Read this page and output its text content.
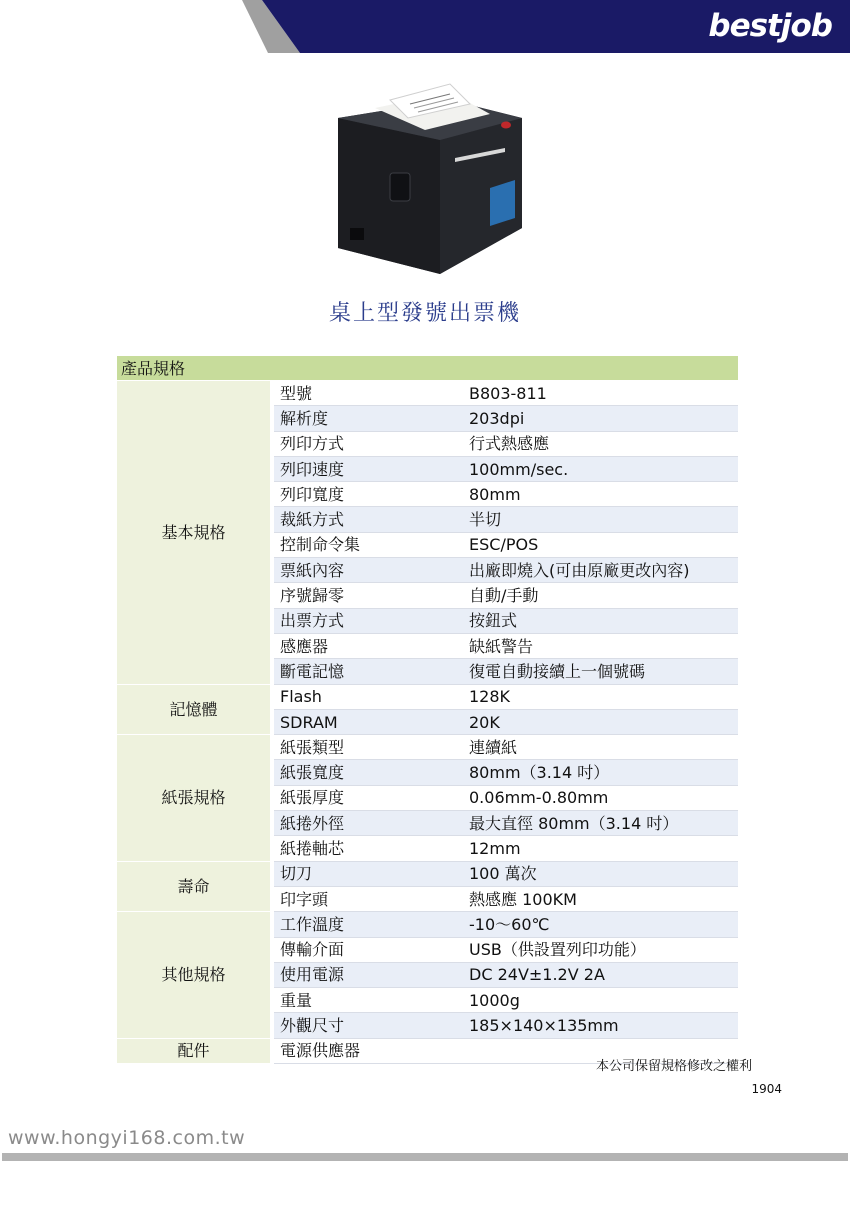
bestjob
桌上型發號出票機
產品規格		
基本規格	型號	B803-811
	解析度	203dpi
	列印方式	行式熱感應
	列印速度	100mm/sec.
	列印寬度	80mm
	裁紙方式	半切
	控制命令集	ESC/POS
	票紙內容	出廠即燒入(可由原廠更改內容)
	序號歸零	自動/手動
	出票方式	按鈕式
	感應器	缺紙警告
	斷電記憶	復電自動接續上一個號碼
記憶體	Flash	128K
	SDRAM	20K
紙張規格	紙張類型	連續紙
	紙張寬度	80mm（3.14 吋）
	紙張厚度	0.06mm-0.80mm
	紙捲外徑	最大直徑 80mm（3.14 吋）
	紙捲軸芯	12mm
壽命	切刀	100 萬次
	印字頭	熱感應 100KM
其他規格	工作溫度	-10～60℃
	傳輸介面	USB（供設置列印功能）
	使用電源	DC 24V±1.2V 2A
	重量	1000g
	外觀尺寸	185×140×135mm
配件	電源供應器	
本公司保留規格修改之權利
1904
www.hongyi168.com.tw
